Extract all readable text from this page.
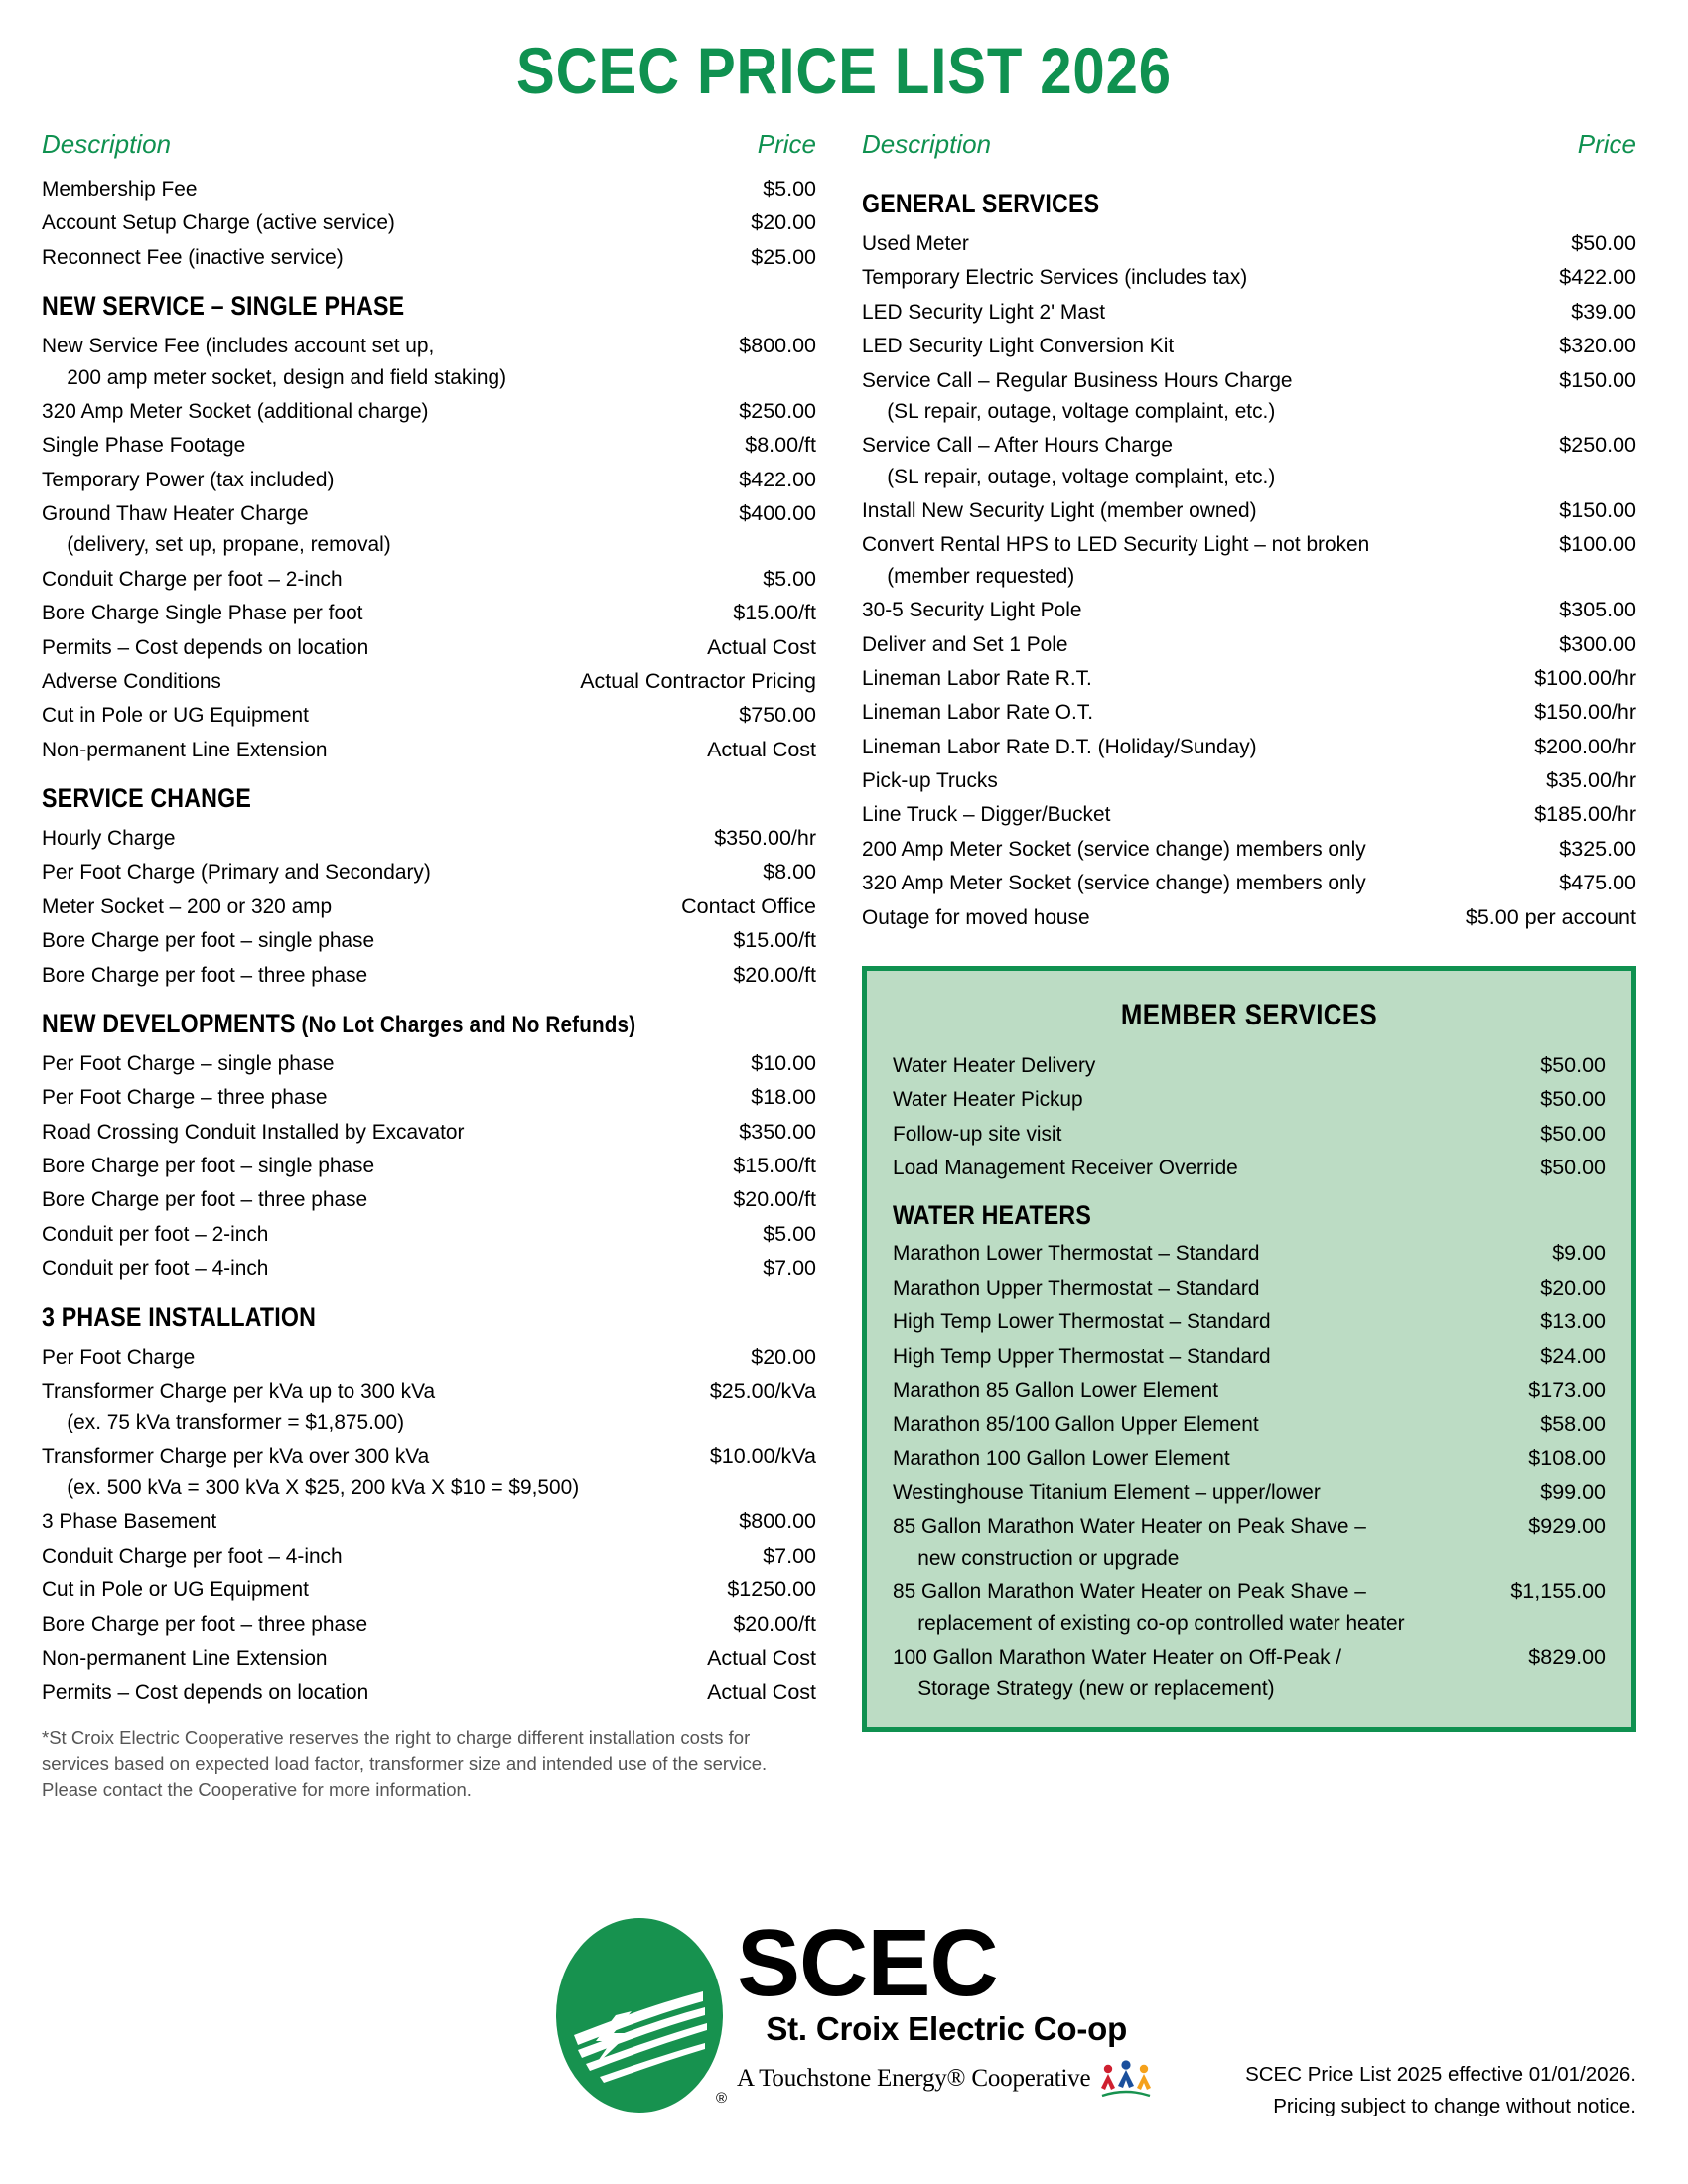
SCEC PRICE LIST 2026
Description	Price
Membership Fee	$5.00
Account Setup Charge (active service)	$20.00
Reconnect Fee (inactive service)	$25.00
NEW SERVICE – SINGLE PHASE
New Service Fee (includes account set up,	$800.00
200 amp meter socket, design and field staking)
320 Amp Meter Socket (additional charge)	$250.00
Single Phase Footage	$8.00/ft
Temporary Power (tax included)	$422.00
Ground Thaw Heater Charge	$400.00
(delivery, set up, propane, removal)
Conduit Charge per foot – 2-inch	$5.00
Bore Charge Single Phase per foot	$15.00/ft
Permits – Cost depends on location	Actual Cost
Adverse Conditions	Actual Contractor Pricing
Cut in Pole or UG Equipment	$750.00
Non-permanent Line Extension	Actual Cost
SERVICE CHANGE
Hourly Charge	$350.00/hr
Per Foot Charge (Primary and Secondary)	$8.00
Meter Socket – 200 or 320 amp	Contact Office
Bore Charge per foot – single phase	$15.00/ft
Bore Charge per foot – three phase	$20.00/ft
NEW DEVELOPMENTS (No Lot Charges and No Refunds)
Per Foot Charge – single phase	$10.00
Per Foot Charge – three phase	$18.00
Road Crossing Conduit Installed by Excavator	$350.00
Bore Charge per foot – single phase	$15.00/ft
Bore Charge per foot – three phase	$20.00/ft
Conduit per foot – 2-inch	$5.00
Conduit per foot – 4-inch	$7.00
3 PHASE INSTALLATION
Per Foot Charge	$20.00
Transformer Charge per kVa up to 300 kVa	$25.00/kVa
(ex. 75 kVa transformer = $1,875.00)
Transformer Charge per kVa over 300 kVa	$10.00/kVa
(ex. 500 kVa = 300 kVa X $25, 200 kVa X $10 = $9,500)
3 Phase Basement	$800.00
Conduit Charge per foot – 4-inch	$7.00
Cut in Pole or UG Equipment	$1250.00
Bore Charge per foot – three phase	$20.00/ft
Non-permanent Line Extension	Actual Cost
Permits – Cost depends on location	Actual Cost
*St Croix Electric Cooperative reserves the right to charge different installation costs for services based on expected load factor, transformer size and intended use of the service. Please contact the Cooperative for more information.
Description	Price
GENERAL SERVICES
Used Meter	$50.00
Temporary Electric Services (includes tax)	$422.00
LED Security Light 2' Mast	$39.00
LED Security Light Conversion Kit	$320.00
Service Call – Regular Business Hours Charge	$150.00
(SL repair, outage, voltage complaint, etc.)
Service Call – After Hours Charge	$250.00
(SL repair, outage, voltage complaint, etc.)
Install New Security Light (member owned)	$150.00
Convert Rental HPS to LED Security Light – not broken	$100.00
(member requested)
30-5 Security Light Pole	$305.00
Deliver and Set 1 Pole	$300.00
Lineman Labor Rate R.T.	$100.00/hr
Lineman Labor Rate O.T.	$150.00/hr
Lineman Labor Rate D.T. (Holiday/Sunday)	$200.00/hr
Pick-up Trucks	$35.00/hr
Line Truck – Digger/Bucket	$185.00/hr
200 Amp Meter Socket (service change) members only	$325.00
320 Amp Meter Socket (service change) members only	$475.00
Outage for moved house	$5.00 per account
MEMBER SERVICES
Water Heater Delivery	$50.00
Water Heater Pickup	$50.00
Follow-up site visit	$50.00
Load Management Receiver Override	$50.00
WATER HEATERS
Marathon Lower Thermostat – Standard	$9.00
Marathon Upper Thermostat – Standard	$20.00
High Temp Lower Thermostat – Standard	$13.00
High Temp Upper Thermostat – Standard	$24.00
Marathon 85 Gallon Lower Element	$173.00
Marathon 85/100 Gallon Upper Element	$58.00
Marathon 100 Gallon Lower Element	$108.00
Westinghouse Titanium Element – upper/lower	$99.00
85 Gallon Marathon Water Heater on Peak Shave –	$929.00
new construction or upgrade
85 Gallon Marathon Water Heater on Peak Shave –	$1,155.00
replacement of existing co-op controlled water heater
100 Gallon Marathon Water Heater on Off-Peak /	$829.00
Storage Strategy (new or replacement)
®
SCEC
St. Croix Electric Co-op
A Touchstone Energy® Cooperative	SCEC Price List 2025 effective 01/01/2026.
Pricing subject to change without notice.
